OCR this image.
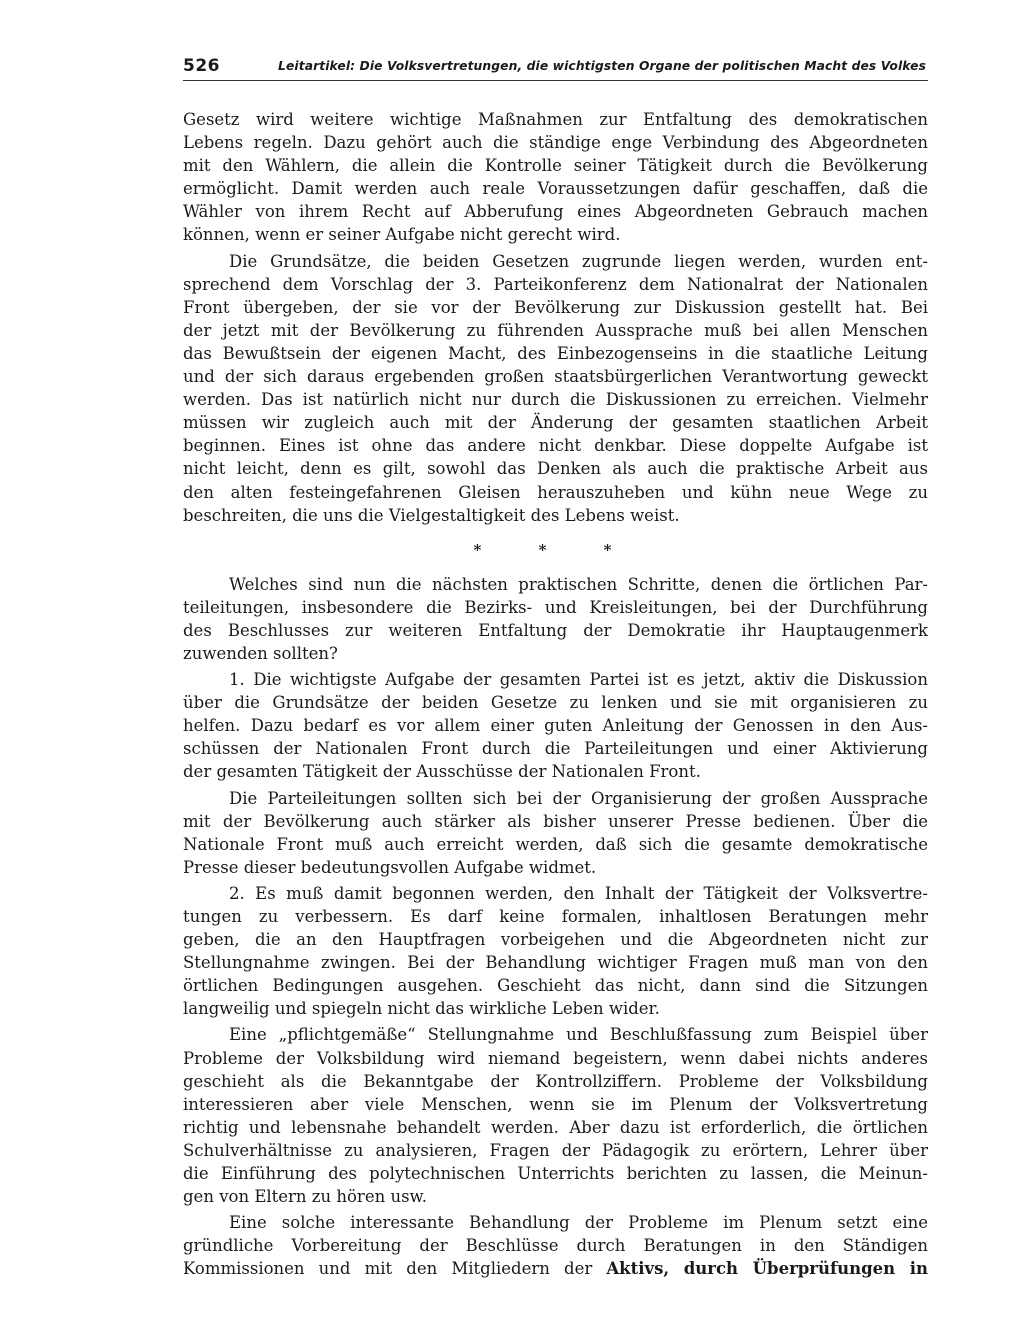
526	Leitartikel: Die Volksvertretungen, die wichtigsten Organe der politischen Macht des Volkes
Gesetz wird weitere wichtige Maßnahmen zur Entfaltung des demokratischen
Lebens regeln. Dazu gehört auch die ständige enge Verbindung des Abgeordneten
mit den Wählern, die allein die Kontrolle seiner Tätigkeit durch die Bevölkerung
ermöglicht. Damit werden auch reale Voraussetzungen dafür geschaffen, daß die
Wähler von ihrem Recht auf Abberufung eines Abgeordneten Gebrauch machen
können, wenn er seiner Aufgabe nicht gerecht wird.
Die Grundsätze, die beiden Gesetzen zugrunde liegen werden, wurden ent-
sprechend dem Vorschlag der 3. Parteikonferenz dem Nationalrat der Nationalen
Front übergeben, der sie vor der Bevölkerung zur Diskussion gestellt hat. Bei
der jetzt mit der Bevölkerung zu führenden Aussprache muß bei allen Menschen
das Bewußtsein der eigenen Macht, des Einbezogenseins in die staatliche Leitung
und der sich daraus ergebenden großen staatsbürgerlichen Verantwortung geweckt
werden. Das ist natürlich nicht nur durch die Diskussionen zu erreichen. Vielmehr
müssen wir zugleich auch mit der Änderung der gesamten staatlichen Arbeit
beginnen. Eines ist ohne das andere nicht denkbar. Diese doppelte Aufgabe ist
nicht leicht, denn es gilt, sowohl das Denken als auch die praktische Arbeit aus
den alten festeingefahrenen Gleisen herauszuheben und kühn neue Wege zu
beschreiten, die uns die Vielgestaltigkeit des Lebens weist.
* * *
Welches sind nun die nächsten praktischen Schritte, denen die örtlichen Par-
teileitungen, insbesondere die Bezirks- und Kreisleitungen, bei der Durchführung
des Beschlusses zur weiteren Entfaltung der Demokratie ihr Hauptaugenmerk
zuwenden sollten?
1. Die wichtigste Aufgabe der gesamten Partei ist es jetzt, aktiv die Diskussion
über die Grundsätze der beiden Gesetze zu lenken und sie mit organisieren zu
helfen. Dazu bedarf es vor allem einer guten Anleitung der Genossen in den Aus-
schüssen der Nationalen Front durch die Parteileitungen und einer Aktivierung
der gesamten Tätigkeit der Ausschüsse der Nationalen Front.
Die Parteileitungen sollten sich bei der Organisierung der großen Aussprache
mit der Bevölkerung auch stärker als bisher unserer Presse bedienen. Über die
Nationale Front muß auch erreicht werden, daß sich die gesamte demokratische
Presse dieser bedeutungsvollen Aufgabe widmet.
2. Es muß damit begonnen werden, den Inhalt der Tätigkeit der Volksvertre-
tungen zu verbessern. Es darf keine formalen, inhaltlosen Beratungen mehr
geben, die an den Hauptfragen vorbeigehen und die Abgeordneten nicht zur
Stellungnahme zwingen. Bei der Behandlung wichtiger Fragen muß man von den
örtlichen Bedingungen ausgehen. Geschieht das nicht, dann sind die Sitzungen
langweilig und spiegeln nicht das wirkliche Leben wider.
Eine „pflichtgemäße“ Stellungnahme und Beschlußfassung zum Beispiel über
Probleme der Volksbildung wird niemand begeistern, wenn dabei nichts anderes
geschieht als die Bekanntgabe der Kontrollziffern. Probleme der Volksbildung
interessieren aber viele Menschen, wenn sie im Plenum der Volksvertretung
richtig und lebensnahe behandelt werden. Aber dazu ist erforderlich, die örtlichen
Schulverhältnisse zu analysieren, Fragen der Pädagogik zu erörtern, Lehrer über
die Einführung des polytechnischen Unterrichts berichten zu lassen, die Meinun-
gen von Eltern zu hören usw.
Eine solche interessante Behandlung der Probleme im Plenum setzt eine
gründliche Vorbereitung der Beschlüsse durch Beratungen in den Ständigen
Kommissionen und mit den Mitgliedern der Aktivs, durch Überprüfungen in
